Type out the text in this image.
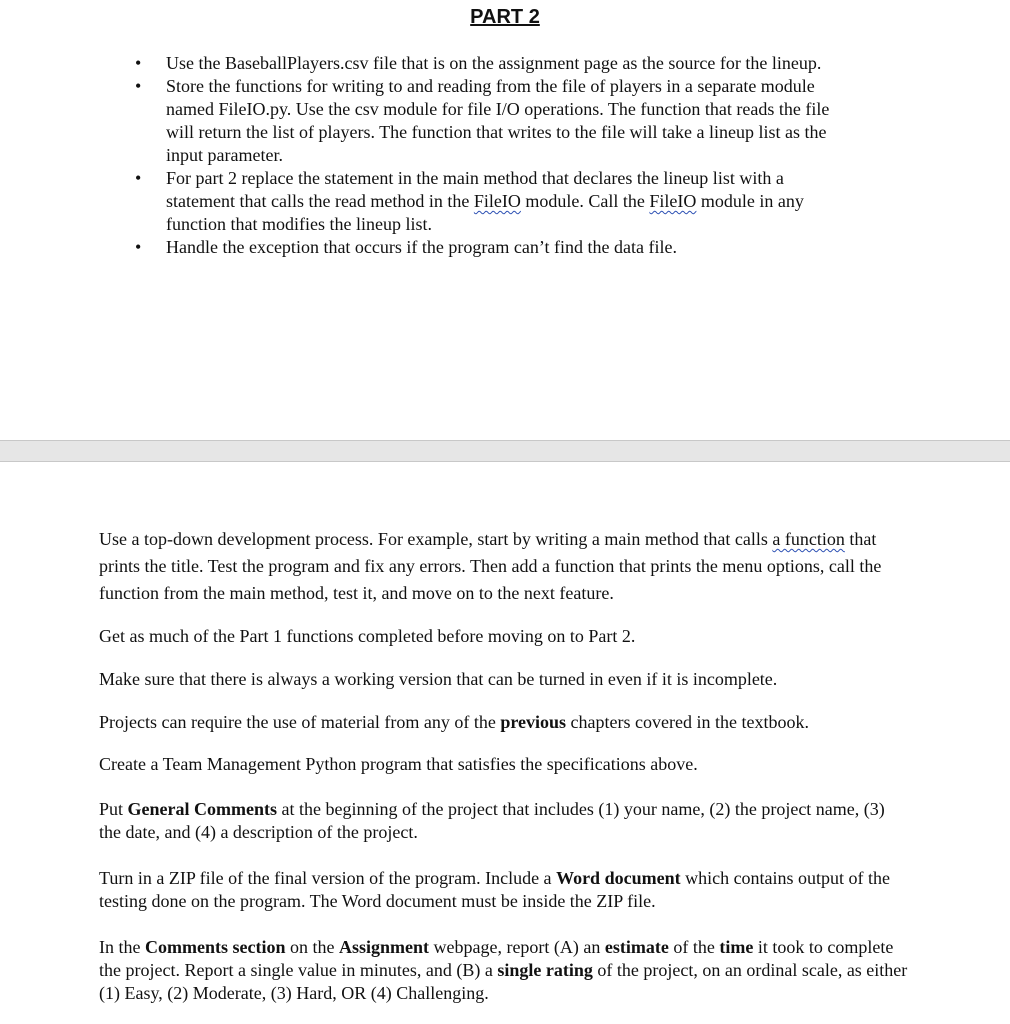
PART 2
• Use the BaseballPlayers.csv file that is on the assignment page as the source for the lineup.
• Store the functions for writing to and reading from the file of players in a separate module named FileIO.py. Use the csv module for file I/O operations. The function that reads the file will return the list of players. The function that writes to the file will take a lineup list as the input parameter.
• For part 2 replace the statement in the main method that declares the lineup list with a statement that calls the read method in the FileIO module. Call the FileIO module in any function that modifies the lineup list.
• Handle the exception that occurs if the program can’t find the data file.

Use a top-down development process. For example, start by writing a main method that calls a function that prints the title. Test the program and fix any errors. Then add a function that prints the menu options, call the function from the main method, test it, and move on to the next feature.

Get as much of the Part 1 functions completed before moving on to Part 2.

Make sure that there is always a working version that can be turned in even if it is incomplete.

Projects can require the use of material from any of the previous chapters covered in the textbook.

Create a Team Management Python program that satisfies the specifications above.

Put General Comments at the beginning of the project that includes (1) your name, (2) the project name, (3) the date, and (4) a description of the project.

Turn in a ZIP file of the final version of the program. Include a Word document which contains output of the testing done on the program. The Word document must be inside the ZIP file.

In the Comments section on the Assignment webpage, report (A) an estimate of the time it took to complete the project. Report a single value in minutes, and (B) a single rating of the project, on an ordinal scale, as either (1) Easy, (2) Moderate, (3) Hard, OR (4) Challenging.
